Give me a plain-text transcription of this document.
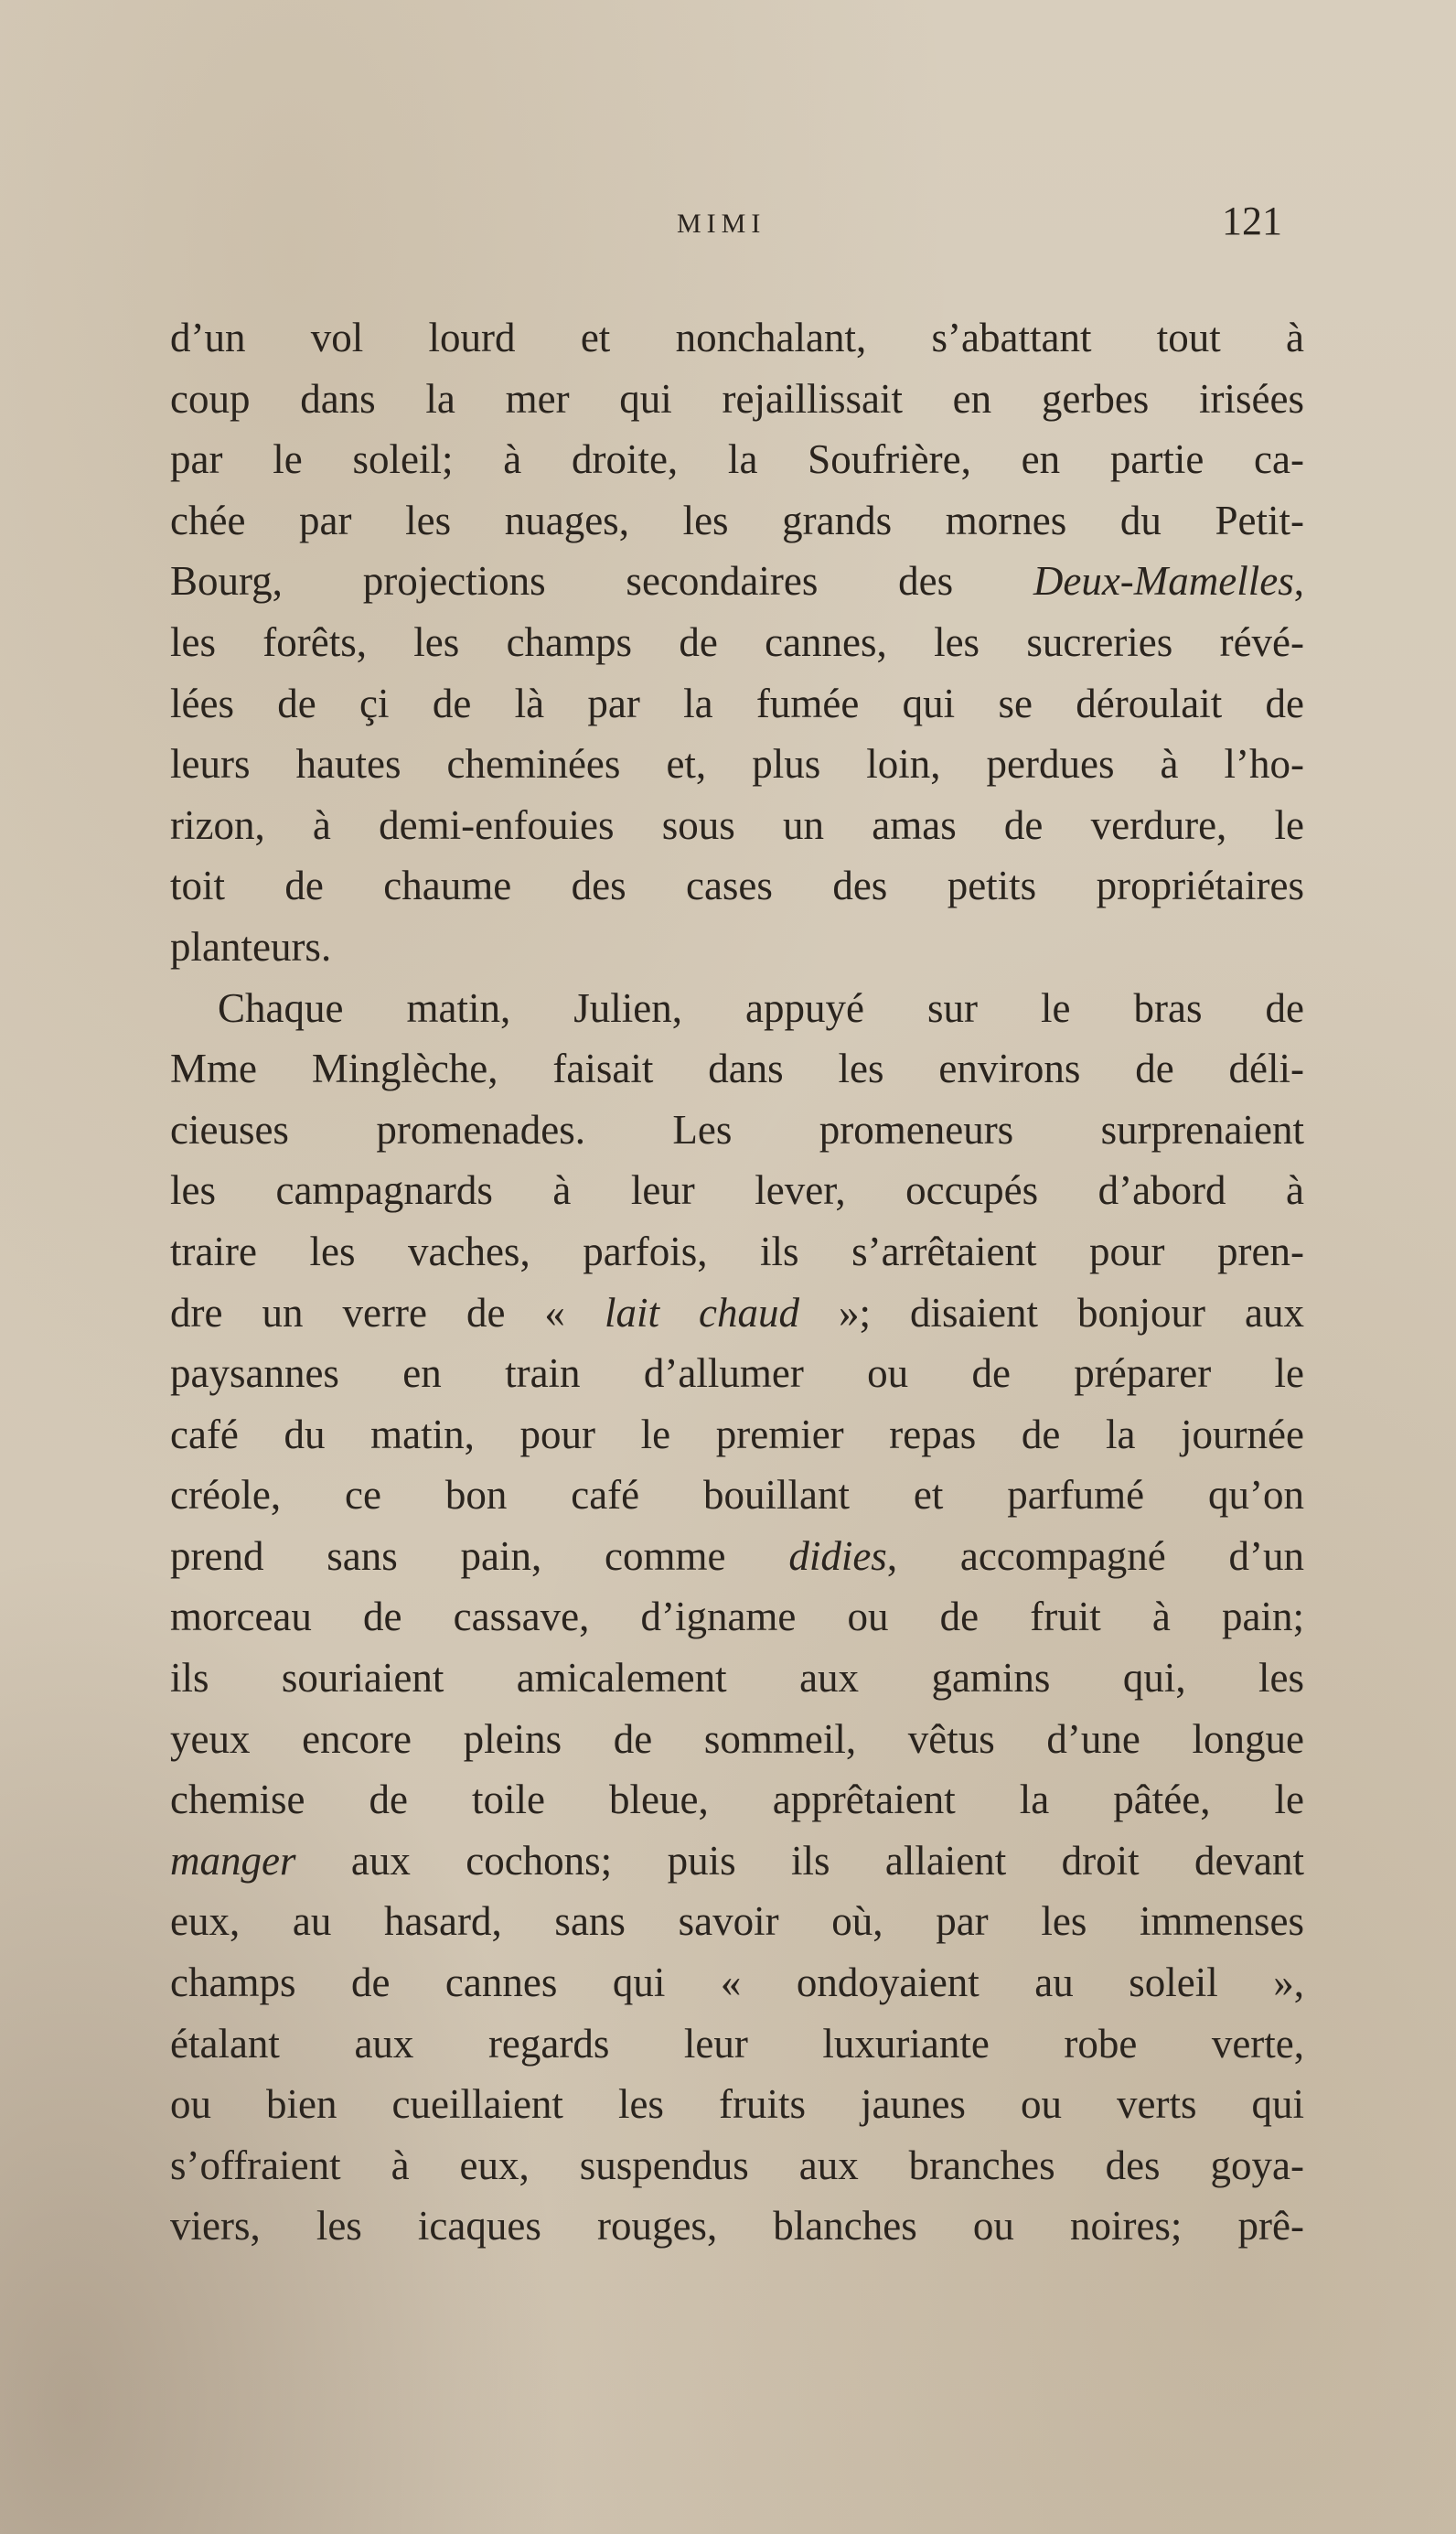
MIMI	121
d’un vol lourd et nonchalant, s’abattant tout à
coup dans la mer qui rejaillissait en gerbes irisées
par le soleil; à droite, la Soufrière, en partie ca-
chée par les nuages, les grands mornes du Petit-
Bourg, projections secondaires des Deux-Mamelles,
les forêts, les champs de cannes, les sucreries révé-
lées de çi de là par la fumée qui se déroulait de
leurs hautes cheminées et, plus loin, perdues à l’ho-
rizon, à demi-enfouies sous un amas de verdure, le
toit de chaume des cases des petits propriétaires
planteurs.
Chaque matin, Julien, appuyé sur le bras de
Mme Minglèche, faisait dans les environs de déli-
cieuses promenades. Les promeneurs surprenaient
les campagnards à leur lever, occupés d’abord à
traire les vaches, parfois, ils s’arrêtaient pour pren-
dre un verre de « lait chaud »; disaient bonjour aux
paysannes en train d’allumer ou de préparer le
café du matin, pour le premier repas de la journée
créole, ce bon café bouillant et parfumé qu’on
prend sans pain, comme didies, accompagné d’un
morceau de cassave, d’igname ou de fruit à pain;
ils souriaient amicalement aux gamins qui, les
yeux encore pleins de sommeil, vêtus d’une longue
chemise de toile bleue, apprêtaient la pâtée, le
manger aux cochons; puis ils allaient droit devant
eux, au hasard, sans savoir où, par les immenses
champs de cannes qui « ondoyaient au soleil »,
étalant aux regards leur luxuriante robe verte,
ou bien cueillaient les fruits jaunes ou verts qui
s’offraient à eux, suspendus aux branches des goya-
viers, les icaques rouges, blanches ou noires; prê-
